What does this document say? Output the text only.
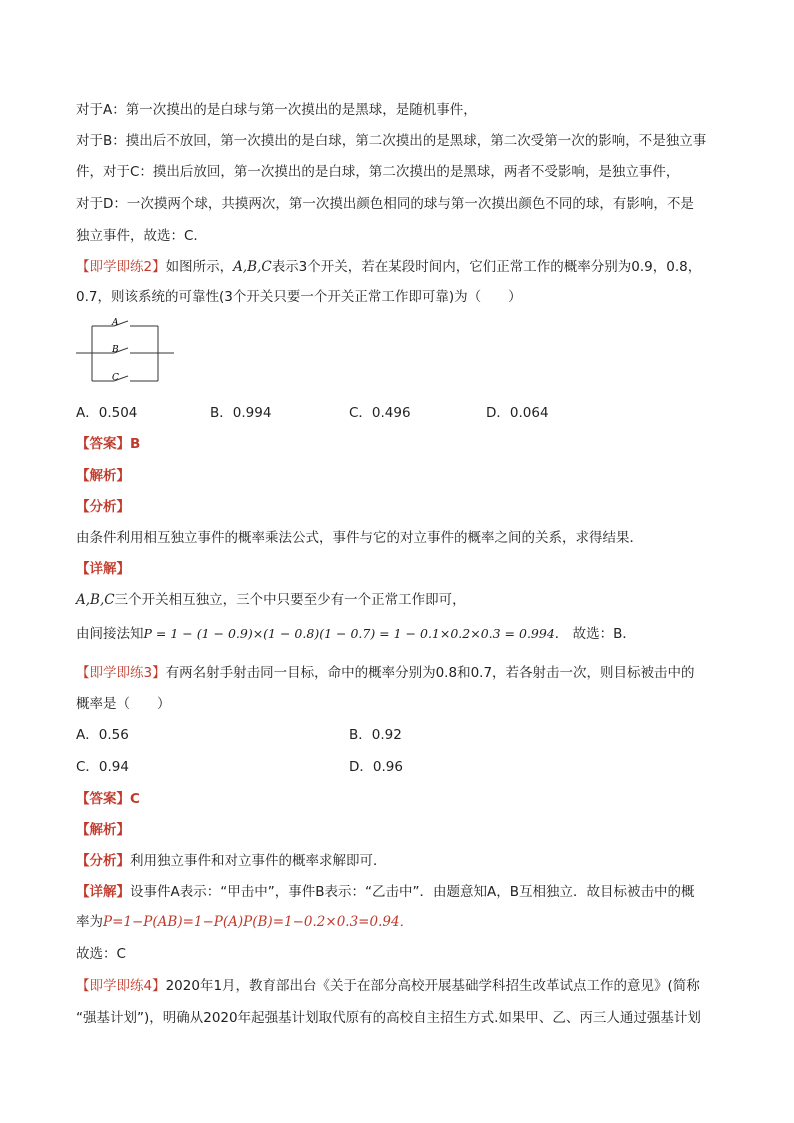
对于A：第一次摸出的是白球与第一次摸出的是黑球，是随机事件，
对于B：摸出后不放回，第一次摸出的是白球，第二次摸出的是黑球，第二次受第一次的影响，不是独立事
件，对于C：摸出后放回，第一次摸出的是白球，第二次摸出的是黑球，两者不受影响，是独立事件，
对于D：一次摸两个球，共摸两次，第一次摸出颜色相同的球与第一次摸出颜色不同的球，有影响，不是
独立事件，故选：C.
【即学即练2】如图所示，A,B,C表示3个开关，若在某段时间内，它们正常工作的概率分别为0.9，0.8，
0.7，则该系统的可靠性(3个开关只要一个开关正常工作即可靠)为（　　）
A
B
C
A．0.504	B．0.994	C．0.496	D．0.064
【答案】B
【解析】
【分析】
由条件利用相互独立事件的概率乘法公式，事件与它的对立事件的概率之间的关系，求得结果．
【详解】
A,B,C三个开关相互独立，三个中只要至少有一个正常工作即可，
由间接法知P = 1 − (1 − 0.9)×(1 − 0.8)(1 − 0.7) = 1 − 0.1×0.2×0.3 = 0.994． 故选：B．
【即学即练3】有两名射手射击同一目标，命中的概率分别为0.8和0.7，若各射击一次，则目标被击中的
概率是（　　）
A．0.56	B．0.92
C．0.94	D．0.96
【答案】C
【解析】
【分析】利用独立事件和对立事件的概率求解即可．
【详解】设事件A表示：“甲击中”，事件B表示：“乙击中”．由题意知A，B互相独立．故目标被击中的概
率为P=1−P(AB)=1−P(A)P(B)=1−0.2×0.3=0.94．
故选：C
【即学即练4】2020年1月，教育部出台《关于在部分高校开展基础学科招生改革试点工作的意见》(简称
“强基计划”)，明确从2020年起强基计划取代原有的高校自主招生方式.如果甲、乙、丙三人通过强基计划
